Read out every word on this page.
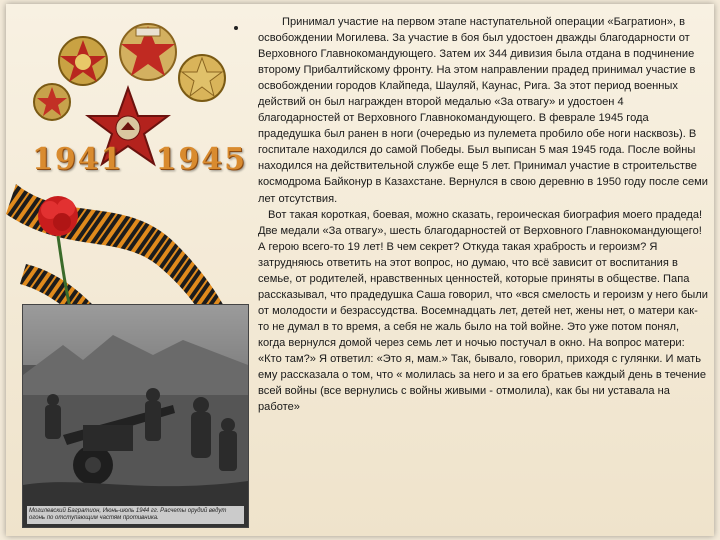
1941 1945
Могилевский Багратион, Июнь-июль 1944 гг. Расчеты орудий ведут огонь по отступающим частям противника.

Принимал участие на первом этапе наступательной операции «Багратион», в освобождении Могилева. За участие в боя был удостоен дважды благодарности от Верховного Главнокомандующего. Затем их 344 дивизия была отдана в подчинение второму Прибалтийскому фронту. На этом направлении прадед принимал участие в освобождении городов Клайпеда, Шауляй, Каунас, Рига. За этот период военных действий он был награжден второй медалью «За отвагу» и удостоен 4 благодарностей от Верховного Главнокомандующего. В феврале 1945 года прадедушка был ранен в ноги (очередью из пулемета пробило обе ноги насквозь). В госпитале находился до самой Победы. Был выписан 5 мая 1945 года. После войны находился на действительной службе еще 5 лет. Принимал участие в строительстве космодрома Байконур в Казахстане. Вернулся в свою деревню в 1950 году после семи лет отсутствия.

Вот такая короткая, боевая, можно сказать, героическая биография моего прадеда! Две медали «За отвагу», шесть благодарностей от Верховного Главнокомандующего! А герою всего-то 19 лет! В чем секрет? Откуда такая храбрость и героизм? Я затрудняюсь ответить на этот вопрос, но думаю, что всё зависит от воспитания в семье, от родителей, нравственных ценностей, которые приняты в обществе. Папа рассказывал, что прадедушка Саша говорил, что «вся смелость и героизм у него были от молодости и безрассудства. Восемнадцать лет, детей нет, жены нет, о матери как-то не думал в то время, а себя не жаль было на той войне. Это уже потом понял, когда вернулся домой через семь лет и ночью постучал в окно. На вопрос матери: «Кто там?» Я ответил: «Это я, мам.» Так, бывало, говорил, приходя с гулянки. И мать ему рассказала о том, что « молилась за него и за его братьев каждый день в течение всей войны (все вернулись с войны живыми - отмолила), как бы ни уставала на работе»
